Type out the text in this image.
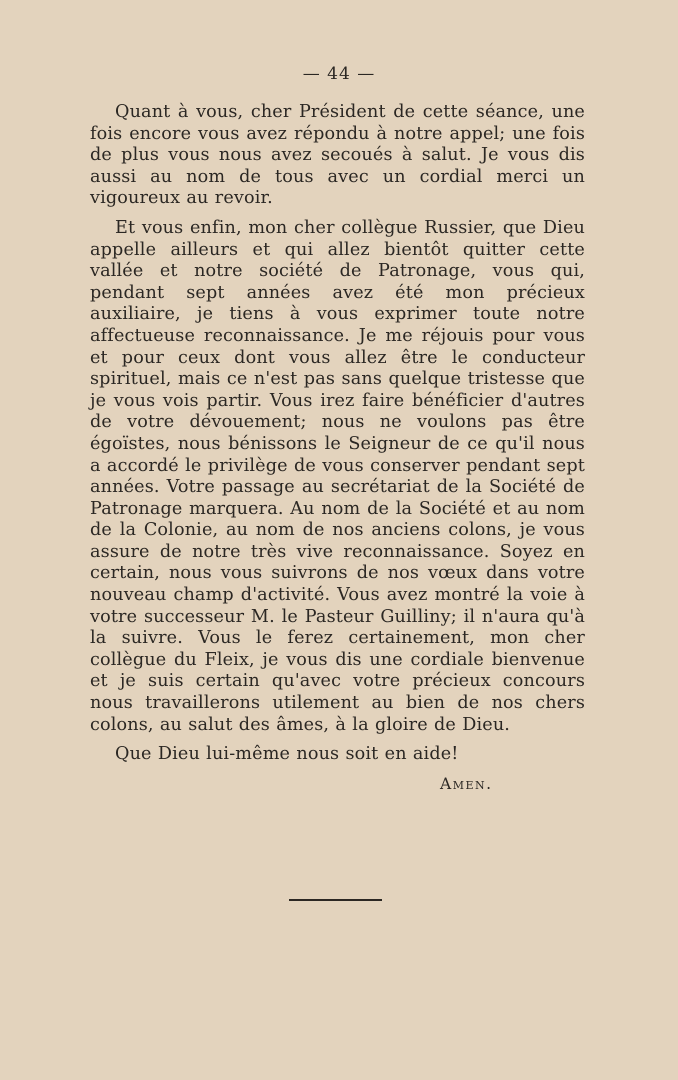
— 44 —

Quant à vous, cher Président de cette séance, une fois encore vous avez répondu à notre appel; une fois de plus vous nous avez secoués à salut. Je vous dis aussi au nom de tous avec un cordial merci un vigoureux au revoir.

Et vous enfin, mon cher collègue Russier, que Dieu appelle ailleurs et qui allez bientôt quitter cette vallée et notre société de Patronage, vous qui, pendant sept années avez été mon précieux auxiliaire, je tiens à vous exprimer toute notre affectueuse reconnaissance. Je me réjouis pour vous et pour ceux dont vous allez être le conducteur spirituel, mais ce n'est pas sans quelque tristesse que je vous vois partir. Vous irez faire bénéficier d'autres de votre dévouement; nous ne voulons pas être égoïstes, nous bénissons le Seigneur de ce qu'il nous a accordé le privilège de vous conserver pendant sept années. Votre passage au secrétariat de la Société de Patronage marquera. Au nom de la Société et au nom de la Colonie, au nom de nos anciens colons, je vous assure de notre très vive reconnaissance. Soyez en certain, nous vous suivrons de nos vœux dans votre nouveau champ d'activité. Vous avez montré la voie à votre successeur M. le Pasteur Guilliny; il n'aura qu'à la suivre. Vous le ferez certainement, mon cher collègue du Fleix, je vous dis une cordiale bienvenue et je suis certain qu'avec votre précieux concours nous travaillerons utilement au bien de nos chers colons, au salut des âmes, à la gloire de Dieu.

Que Dieu lui-même nous soit en aide!

Amen.
